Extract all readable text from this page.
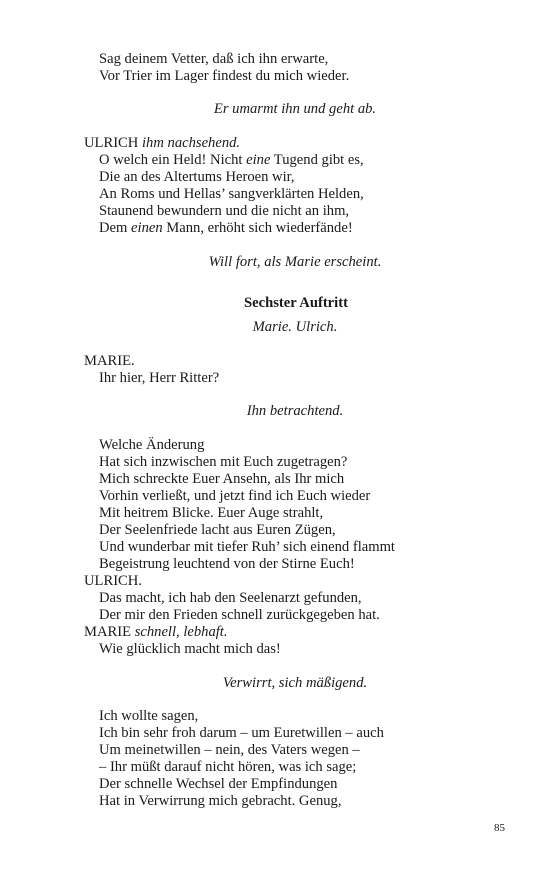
Sag deinem Vetter, daß ich ihn erwarte,
Vor Trier im Lager findest du mich wieder.
Er umarmt ihn und geht ab.
ULRICH ihm nachsehend.
O welch ein Held! Nicht eine Tugend gibt es,
Die an des Altertums Heroen wir,
An Roms und Hellas’ sangverklärten Helden,
Staunend bewundern und die nicht an ihm,
Dem einen Mann, erhöht sich wiederfände!
Will fort, als Marie erscheint.
Sechster Auftritt
Marie. Ulrich.
MARIE.
Ihr hier, Herr Ritter?
Ihn betrachtend.
Welche Änderung
Hat sich inzwischen mit Euch zugetragen?
Mich schreckte Euer Ansehn, als Ihr mich
Vorhin verließt, und jetzt find ich Euch wieder
Mit heitrem Blicke. Euer Auge strahlt,
Der Seelenfriede lacht aus Euren Zügen,
Und wunderbar mit tiefer Ruh’ sich einend flammt
Begeistrung leuchtend von der Stirne Euch!
ULRICH.
Das macht, ich hab den Seelenarzt gefunden,
Der mir den Frieden schnell zurückgegeben hat.
MARIE schnell, lebhaft.
Wie glücklich macht mich das!
Verwirrt, sich mäßigend.
Ich wollte sagen,
Ich bin sehr froh darum – um Euretwillen – auch
Um meinetwillen – nein, des Vaters wegen –
– Ihr müßt darauf nicht hören, was ich sage;
Der schnelle Wechsel der Empfindungen
Hat in Verwirrung mich gebracht. Genug,
85
